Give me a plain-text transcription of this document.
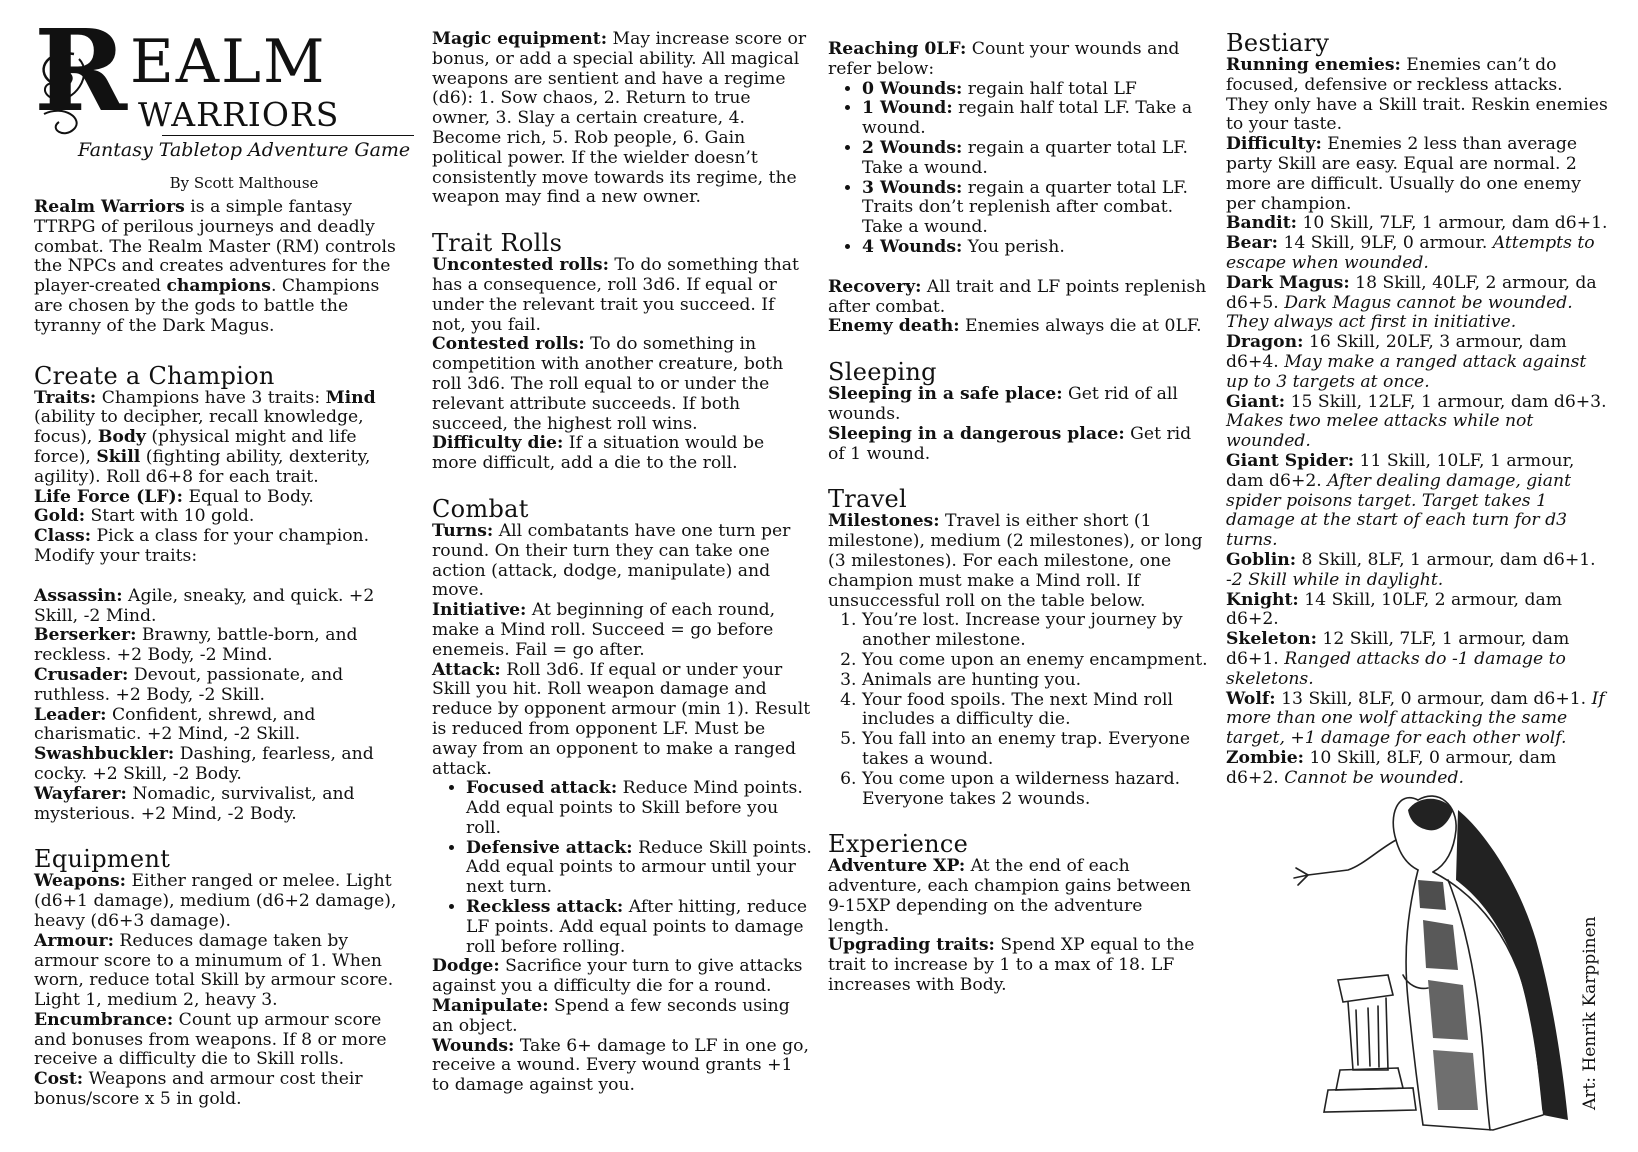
R EALM
WARRIORS
Fantasy Tabletop Adventure Game
By Scott Malthouse

Realm Warriors is a simple fantasy TTRPG of perilous journeys and deadly combat. The Realm Master (RM) controls the NPCs and creates adventures for the player-created champions. Champions are chosen by the gods to battle the tyranny of the Dark Magus.

Create a Champion

Traits: Champions have 3 traits: Mind (ability to decipher, recall knowledge, focus), Body (physical might and life force), Skill (fighting ability, dexterity, agility). Roll d6+8 for each trait.

Life Force (LF): Equal to Body.

Gold: Start with 10 gold.

Class: Pick a class for your champion. Modify your traits:

Assassin: Agile, sneaky, and quick. +2 Skill, -2 Mind.

Berserker: Brawny, battle-born, and reckless. +2 Body, -2 Mind.

Crusader: Devout, passionate, and ruthless. +2 Body, -2 Skill.

Leader: Confident, shrewd, and charismatic. +2 Mind, -2 Skill.

Swashbuckler: Dashing, fearless, and cocky. +2 Skill, -2 Body.

Wayfarer: Nomadic, survivalist, and mysterious. +2 Mind, -2 Body.

Equipment

Weapons: Either ranged or melee. Light (d6+1 damage), medium (d6+2 damage), heavy (d6+3 damage).

Armour: Reduces damage taken by armour score to a minumum of 1. When worn, reduce total Skill by armour score. Light 1, medium 2, heavy 3.

Encumbrance: Count up armour score and bonuses from weapons. If 8 or more receive a difficulty die to Skill rolls.

Cost: Weapons and armour cost their bonus/score x 5 in gold.

Magic equipment: May increase score or bonus, or add a special ability. All magical weapons are sentient and have a regime (d6): 1. Sow chaos, 2. Return to true owner, 3. Slay a certain creature, 4. Become rich, 5. Rob people, 6. Gain political power. If the wielder doesn’t consistently move towards its regime, the weapon may find a new owner.

Trait Rolls

Uncontested rolls: To do something that has a consequence, roll 3d6. If equal or under the relevant trait you succeed. If not, you fail.

Contested rolls: To do something in competition with another creature, both roll 3d6. The roll equal to or under the relevant attribute succeeds. If both succeed, the highest roll wins.

Difficulty die: If a situation would be more difficult, add a die to the roll.

Combat

Turns: All combatants have one turn per round. On their turn they can take one action (attack, dodge, manipulate) and move.

Initiative: At beginning of each round, make a Mind roll. Succeed = go before enemeis. Fail = go after.

Attack: Roll 3d6. If equal or under your Skill you hit. Roll weapon damage and reduce by opponent armour (min 1). Result is reduced from opponent LF. Must be away from an opponent to make a ranged attack.

• Focused attack: Reduce Mind points. Add equal points to Skill before you roll.
• Defensive attack: Reduce Skill points. Add equal points to armour until your next turn.
• Reckless attack: After hitting, reduce LF points. Add equal points to damage roll before rolling.

Dodge: Sacrifice your turn to give attacks against you a difficulty die for a round.

Manipulate: Spend a few seconds using an object.

Wounds: Take 6+ damage to LF in one go, receive a wound. Every wound grants +1 to damage against you.

Reaching 0LF: Count your wounds and refer below:

• 0 Wounds: regain half total LF
• 1 Wound: regain half total LF. Take a wound.
• 2 Wounds: regain a quarter total LF. Take a wound.
• 3 Wounds: regain a quarter total LF. Traits don’t replenish after combat. Take a wound.
• 4 Wounds: You perish.

Recovery: All trait and LF points replenish after combat.

Enemy death: Enemies always die at 0LF.

Sleeping

Sleeping in a safe place: Get rid of all wounds.

Sleeping in a dangerous place: Get rid of 1 wound.

Travel

Milestones: Travel is either short (1 milestone), medium (2 milestones), or long (3 milestones). For each milestone, one champion must make a Mind roll. If unsuccessful roll on the table below.

1. You’re lost. Increase your journey by another milestone.
2. You come upon an enemy encampment.
3. Animals are hunting you.
4. Your food spoils. The next Mind roll includes a difficulty die.
5. You fall into an enemy trap. Everyone takes a wound.
6. You come upon a wilderness hazard. Everyone takes 2 wounds.
Experience

Adventure XP: At the end of each adventure, each champion gains between 9-15XP depending on the adventure length.

Upgrading traits: Spend XP equal to the trait to increase by 1 to a max of 18. LF increases with Body.

Bestiary

Running enemies: Enemies can’t do focused, defensive or reckless attacks. They only have a Skill trait. Reskin enemies to your taste.

Difficulty: Enemies 2 less than average party Skill are easy. Equal are normal. 2 more are difficult. Usually do one enemy per champion.

Bandit: 10 Skill, 7LF, 1 armour, dam d6+1.

Bear: 14 Skill, 9LF, 0 armour. Attempts to escape when wounded.

Dark Magus: 18 Skill, 40LF, 2 armour, da d6+5. Dark Magus cannot be wounded. They always act first in initiative.

Dragon: 16 Skill, 20LF, 3 armour, dam d6+4. May make a ranged attack against up to 3 targets at once.

Giant: 15 Skill, 12LF, 1 armour, dam d6+3. Makes two melee attacks while not wounded.

Giant Spider: 11 Skill, 10LF, 1 armour, dam d6+2. After dealing damage, giant spider poisons target. Target takes 1 damage at the start of each turn for d3 turns.

Goblin: 8 Skill, 8LF, 1 armour, dam d6+1. -2 Skill while in daylight.

Knight: 14 Skill, 10LF, 2 armour, dam d6+2.

Skeleton: 12 Skill, 7LF, 1 armour, dam d6+1. Ranged attacks do -1 damage to skeletons.

Wolf: 13 Skill, 8LF, 0 armour, dam d6+1. If more than one wolf attacking the same target, +1 damage for each other wolf.

Zombie: 10 Skill, 8LF, 0 armour, dam d6+2. Cannot be wounded.

Art: Henrik Karppinen
